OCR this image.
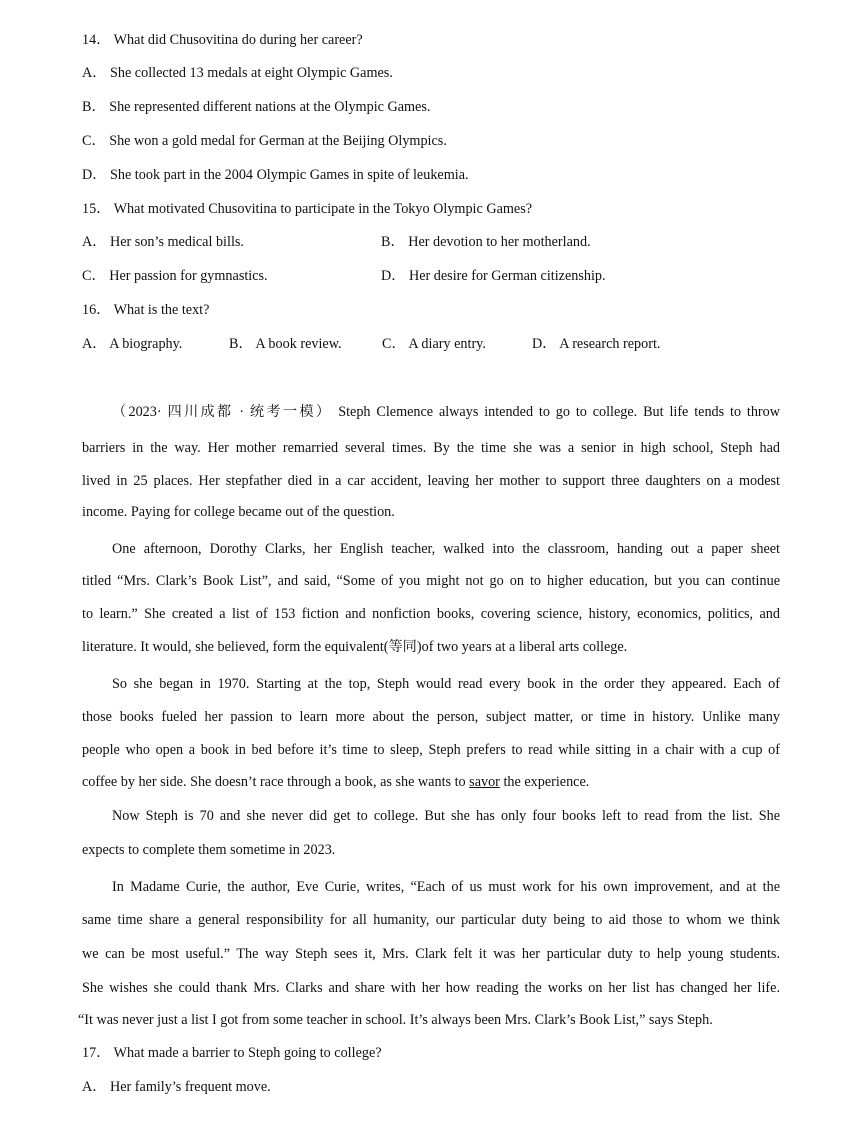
14． What did Chusovitina do during her career?
A． She collected 13 medals at eight Olympic Games.
B． She represented different nations at the Olympic Games.
C． She won a gold medal for German at the Beijing Olympics.
D． She took part in the 2004 Olympic Games in spite of leukemia.
15． What motivated Chusovitina to participate in the Tokyo Olympic Games?
A． Her son’s medical bills.	B． Her devotion to her motherland.
C． Her passion for gymnastics.	D． Her desire for German citizenship.
16． What is the text?
A． A biography.	B． A book review.	C． A diary entry.	D． A research report.
（2023· 四川成都 · 统考一模） Steph Clemence always intended to go to college. But life tends to throw
barriers in the way. Her mother remarried several times. By the time she was a senior in high school, Steph had
lived in 25 places. Her stepfather died in a car accident, leaving her mother to support three daughters on a modest
income. Paying for college became out of the question.
One afternoon, Dorothy Clarks, her English teacher, walked into the classroom, handing out a paper sheet
titled “Mrs. Clark’s Book List”, and said, “Some of you might not go on to higher education, but you can continue
to learn.” She created a list of 153 fiction and nonfiction books, covering science, history, economics, politics, and
literature. It would, she believed, form the equivalent(等同)of two years at a liberal arts college.
So she began in 1970. Starting at the top, Steph would read every book in the order they appeared. Each of
those books fueled her passion to learn more about the person, subject matter, or time in history. Unlike many
people who open a book in bed before it’s time to sleep, Steph prefers to read while sitting in a chair with a cup of
coffee by her side. She doesn’t race through a book, as she wants to savor the experience.
Now Steph is 70 and she never did get to college. But she has only four books left to read from the list. She
expects to complete them sometime in 2023.
In Madame Curie, the author, Eve Curie, writes, “Each of us must work for his own improvement, and at the
same time share a general responsibility for all humanity, our particular duty being to aid those to whom we think
we can be most useful.” The way Steph sees it, Mrs. Clark felt it was her particular duty to help young students.
She wishes she could thank Mrs. Clarks and share with her how reading the works on her list has changed her life.
“It was never just a list I got from some teacher in school. It’s always been Mrs. Clark’s Book List,” says Steph.
17． What made a barrier to Steph going to college?
A． Her family’s frequent move.
